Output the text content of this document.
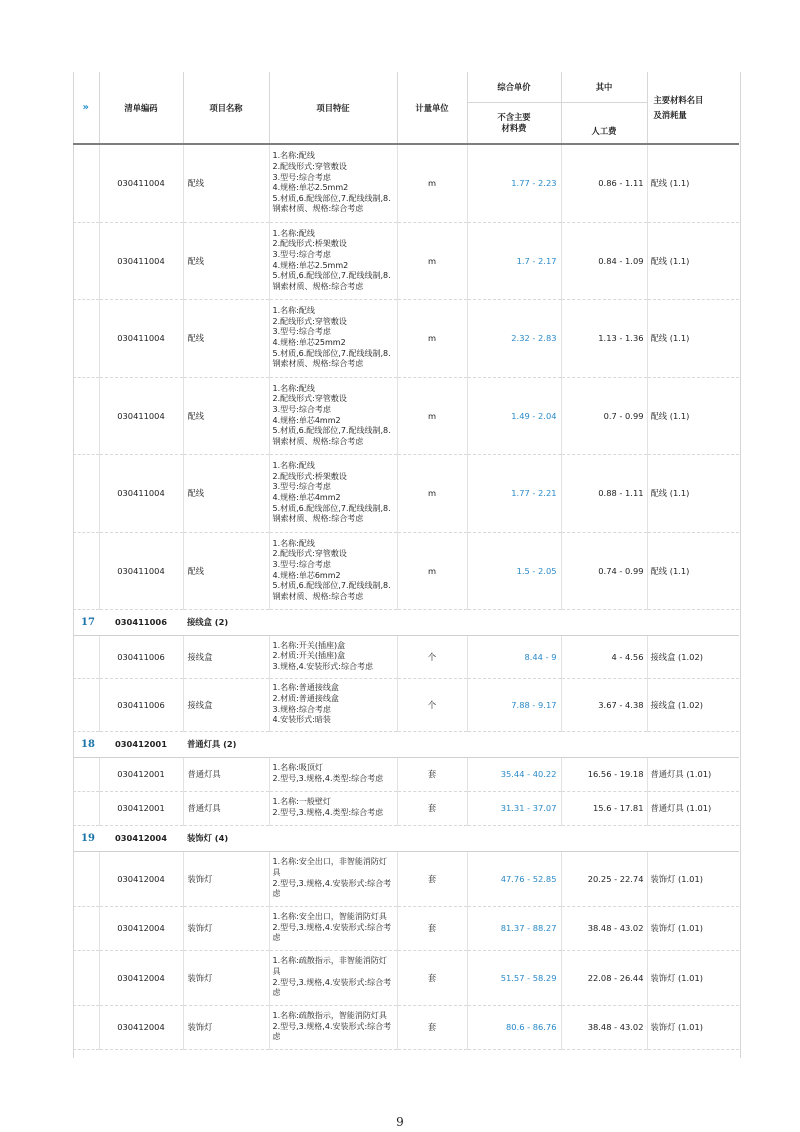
»	清单编码	项目名称	项目特征	计量单位	综合单价	其中	主要材料名目
及消耗量
					不含主要
材料费	人工费	
	030411004	配线	1.名称:配线
2.配线形式:穿管敷设
3.型号:综合考虑
4.规格:单芯2.5mm2
5.材质,6.配线部位,7.配线线制,8.钢索材质、规格:综合考虑	m	1.77 - 2.23	0.86 - 1.11	配线 (1.1)
	030411004	配线	1.名称:配线
2.配线形式:桥架敷设
3.型号:综合考虑
4.规格:单芯2.5mm2
5.材质,6.配线部位,7.配线线制,8.钢索材质、规格:综合考虑	m	1.7 - 2.17	0.84 - 1.09	配线 (1.1)
	030411004	配线	1.名称:配线
2.配线形式:穿管敷设
3.型号:综合考虑
4.规格:单芯25mm2
5.材质,6.配线部位,7.配线线制,8.钢索材质、规格:综合考虑	m	2.32 - 2.83	1.13 - 1.36	配线 (1.1)
	030411004	配线	1.名称:配线
2.配线形式:穿管敷设
3.型号:综合考虑
4.规格:单芯4mm2
5.材质,6.配线部位,7.配线线制,8.钢索材质、规格:综合考虑	m	1.49 - 2.04	0.7 - 0.99	配线 (1.1)
	030411004	配线	1.名称:配线
2.配线形式:桥架敷设
3.型号:综合考虑
4.规格:单芯4mm2
5.材质,6.配线部位,7.配线线制,8.钢索材质、规格:综合考虑	m	1.77 - 2.21	0.88 - 1.11	配线 (1.1)
	030411004	配线	1.名称:配线
2.配线形式:穿管敷设
3.型号:综合考虑
4.规格:单芯6mm2
5.材质,6.配线部位,7.配线线制,8.钢索材质、规格:综合考虑	m	1.5 - 2.05	0.74 - 0.99	配线 (1.1)
17	030411006	接线盒 (2)					
	030411006	接线盒	1.名称:开关(插座)盒
2.材质:开关(插座)盒
3.规格,4.安装形式:综合考虑	个	8.44 - 9	4 - 4.56	接线盒 (1.02)
	030411006	接线盒	1.名称:普通接线盒
2.材质:普通接线盒
3.规格:综合考虑
4.安装形式:暗装	个	7.88 - 9.17	3.67 - 4.38	接线盒 (1.02)
18	030412001	普通灯具 (2)					
	030412001	普通灯具	1.名称:吸顶灯
2.型号,3.规格,4.类型:综合考虑	套	35.44 - 40.22	16.56 - 19.18	普通灯具 (1.01)
	030412001	普通灯具	1.名称:一般壁灯
2.型号,3.规格,4.类型:综合考虑	套	31.31 - 37.07	15.6 - 17.81	普通灯具 (1.01)
19	030412004	装饰灯 (4)					
	030412004	装饰灯	1.名称:安全出口，非智能消防灯具
2.型号,3.规格,4.安装形式:综合考虑	套	47.76 - 52.85	20.25 - 22.74	装饰灯 (1.01)
	030412004	装饰灯	1.名称:安全出口，智能消防灯具
2.型号,3.规格,4.安装形式:综合考虑	套	81.37 - 88.27	38.48 - 43.02	装饰灯 (1.01)
	030412004	装饰灯	1.名称:疏散指示，非智能消防灯具
2.型号,3.规格,4.安装形式:综合考虑	套	51.57 - 58.29	22.08 - 26.44	装饰灯 (1.01)
	030412004	装饰灯	1.名称:疏散指示，智能消防灯具
2.型号,3.规格,4.安装形式:综合考虑	套	80.6 - 86.76	38.48 - 43.02	装饰灯 (1.01)
9
